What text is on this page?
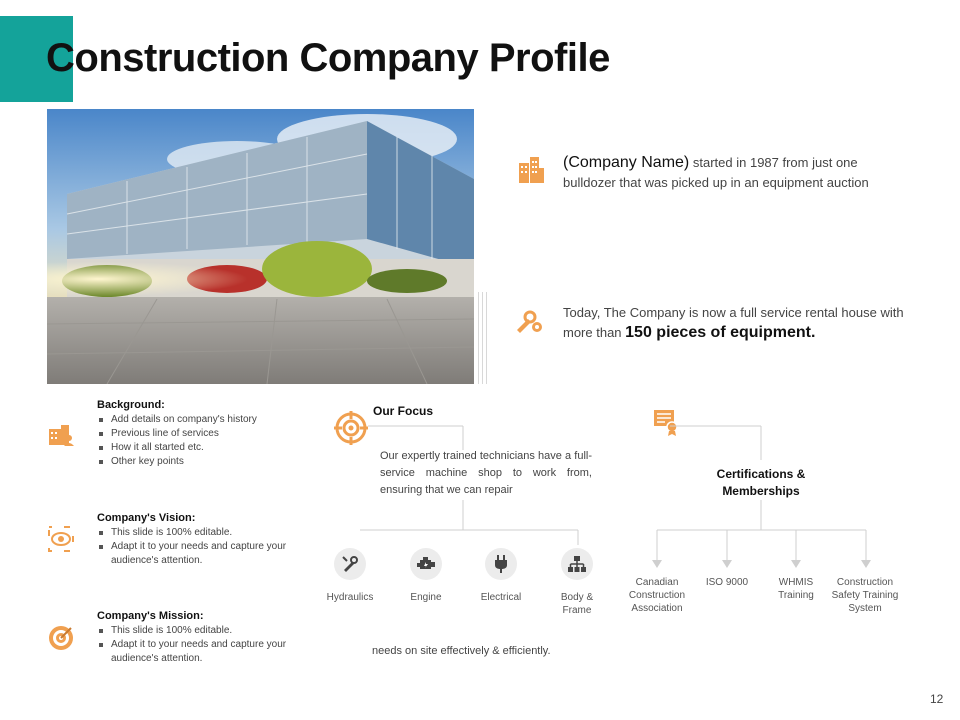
Construction Company Profile
(Company Name) started in 1987 from just one bulldozer that was picked up in an equipment auction
Today, The Company is now a full service rental house with more than 150 pieces of equipment.
Background:
Add details on company's history
Previous line of services
How it all started etc.
Other key points
Company's Vision:
This slide is 100% editable.
Adapt it to your needs and capture your audience's attention.
Company's Mission:
This slide is 100% editable.
Adapt it to your needs and capture your audience's attention.
Our Focus
Our expertly trained technicians have a full-service machine shop to work from, ensuring that we can repair
Hydraulics	Engine	Electrical	Body & Frame
needs on site effectively & efficiently.
Certifications & Memberships
Canadian Construction Association
ISO 9000	WHMIS Training
Construction Safety Training System
12
